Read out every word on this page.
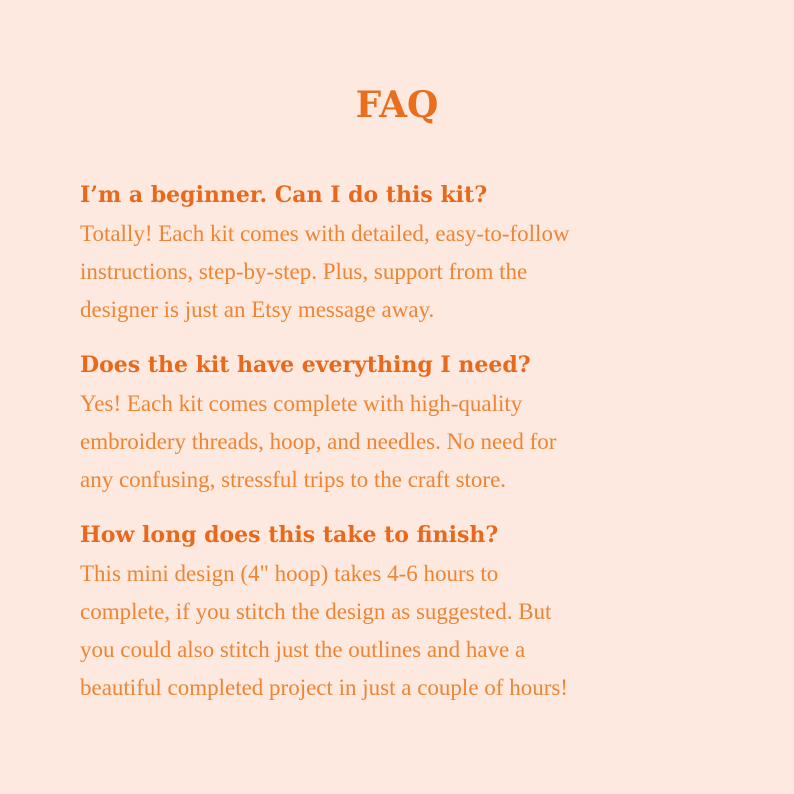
FAQ
I’m a beginner. Can I do this kit?

Totally! Each kit comes with detailed, easy-to-follow
instructions, step-by-step. Plus, support from the
designer is just an Etsy message away.

Does the kit have everything I need?

Yes! Each kit comes complete with high-quality
embroidery threads, hoop, and needles. No need for
any confusing, stressful trips to the craft store.

How long does this take to finish?

This mini design (4" hoop) takes 4-6 hours to
complete, if you stitch the design as suggested. But
you could also stitch just the outlines and have a
beautiful completed project in just a couple of hours!
